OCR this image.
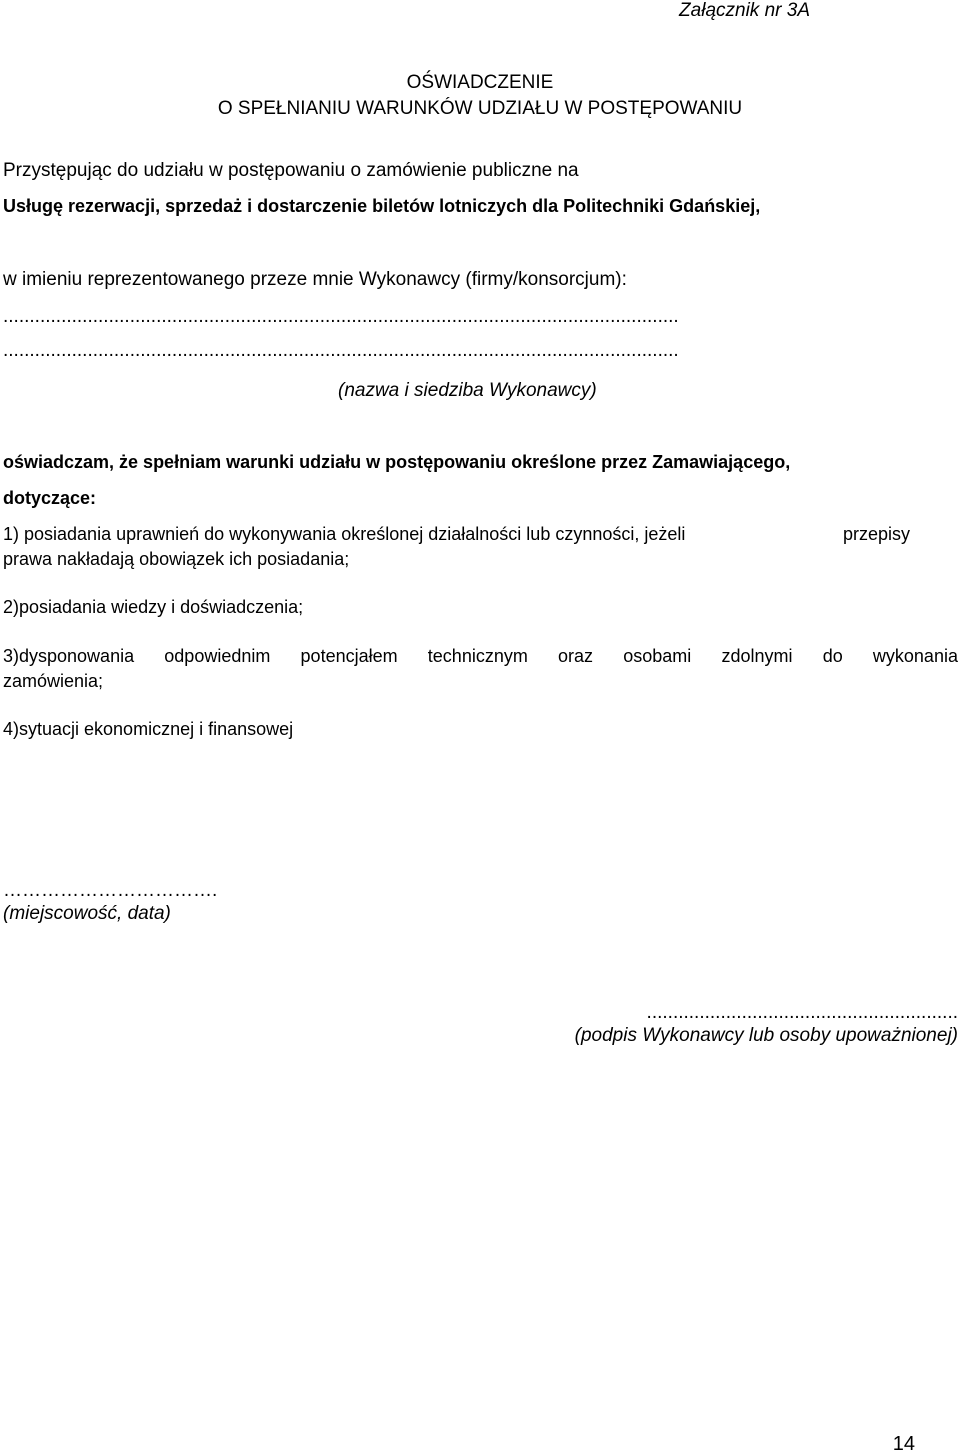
Załącznik nr 3A
OŚWIADCZENIE
O SPEŁNIANIU WARUNKÓW UDZIAŁU W POSTĘPOWANIU
Przystępując do udziału w postępowaniu o zamówienie publiczne na
Usługę rezerwacji, sprzedaż i dostarczenie biletów lotniczych dla Politechniki Gdańskiej,
w imieniu reprezentowanego przeze mnie Wykonawcy (firmy/konsorcjum):
................................................................................................................................
................................................................................................................................
(nazwa i siedziba Wykonawcy)
oświadczam, że spełniam warunki udziału w postępowaniu określone przez Zamawiającego,
dotyczące:
1) posiadania uprawnień do wykonywania określonej działalności lub czynności, jeżeli	przepisy
prawa nakładają obowiązek ich posiadania;
2)posiadania wiedzy i doświadczenia;
3)dysponowania odpowiednim potencjałem technicznym oraz osobami zdolnymi do wykonania
zamówienia;
4)sytuacji ekonomicznej i finansowej
…………………………….
(miejscowość, data)
...........................................................
(podpis Wykonawcy lub osoby upoważnionej)
14
